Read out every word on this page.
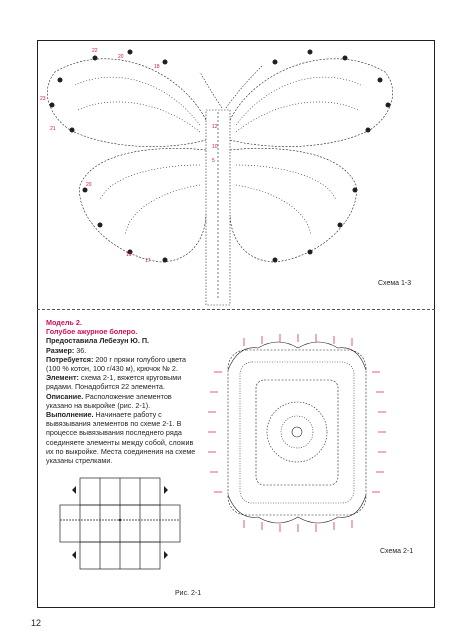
22
20
18
23
21
20
17
19
12
10
5
Схема 1-3
Модель 2.
Голубое ажурное болеро.
Предоставила Лебезун Ю. П.
Размер: 36.
Потребуется: 200 г пряжи голубого цвета (100 % котон, 100 г/430 м), крючок № 2.
Элемент: схема 2-1, вяжется круговыми рядами. Понадобится 22 элемента.
Описание. Расположение элементов указано на выкройке (рис. 2-1).
Выполнение. Начинаете работу с вывязывания элементов по схеме 2-1. В процессе вывязывания последнего ряда соединяете элементы между собой, сложив их по выкройке. Места соединения на схеме указаны стрелками.
Рис. 2-1
Схема 2-1
12
